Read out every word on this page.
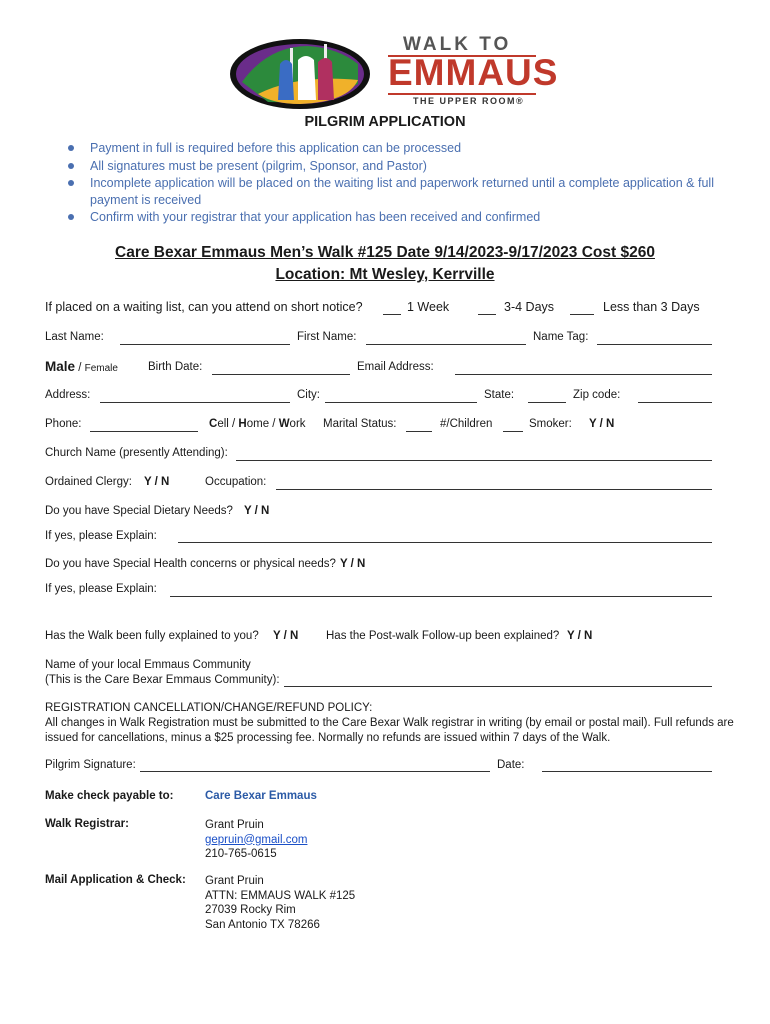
WALK TO
EMMAUS
THE UPPER ROOM®
PILGRIM APPLICATION
Payment in full is required before this application can be processed
All signatures must be present (pilgrim, Sponsor, and Pastor)
Incomplete application will be placed on the waiting list and paperwork returned until a complete application & full payment is received
Confirm with your registrar that your application has been received and confirmed
Care Bexar Emmaus Men’s Walk #125 Date 9/14/2023-9/17/2023 Cost $260
Location: Mt Wesley, Kerrville
If placed on a waiting list, can you attend on short notice?	1 Week	3-4 Days	Less than 3 Days
Last Name:	First Name:	Name Tag:
Male / Female	Birth Date:	Email Address:
Address:	City:	State:	Zip code:
Phone:	Cell / Home / Work Marital Status:	#/Children	Smoker: Y / N
Church Name (presently Attending):
Ordained Clergy: Y / N	Occupation:
Do you have Special Dietary Needs? Y / N
If yes, please Explain:
Do you have Special Health concerns or physical needs? Y / N
If yes, please Explain:
Has the Walk been fully explained to you? Y / N Has the Post-walk Follow-up been explained? Y / N
Name of your local Emmaus Community
(This is the Care Bexar Emmaus Community):
REGISTRATION CANCELLATION/CHANGE/REFUND POLICY:
All changes in Walk Registration must be submitted to the Care Bexar Walk registrar in writing (by email or postal mail). Full refunds are issued for cancellations, minus a $25 processing fee. Normally no refunds are issued within 7 days of the Walk.
Pilgrim Signature:	Date:
Make check payable to:	Care Bexar Emmaus
Walk Registrar:	Grant Pruin
gepruin@gmail.com
210-765-0615
Mail Application & Check: Grant Pruin
ATTN: EMMAUS WALK #125
27039 Rocky Rim
San Antonio TX 78266
